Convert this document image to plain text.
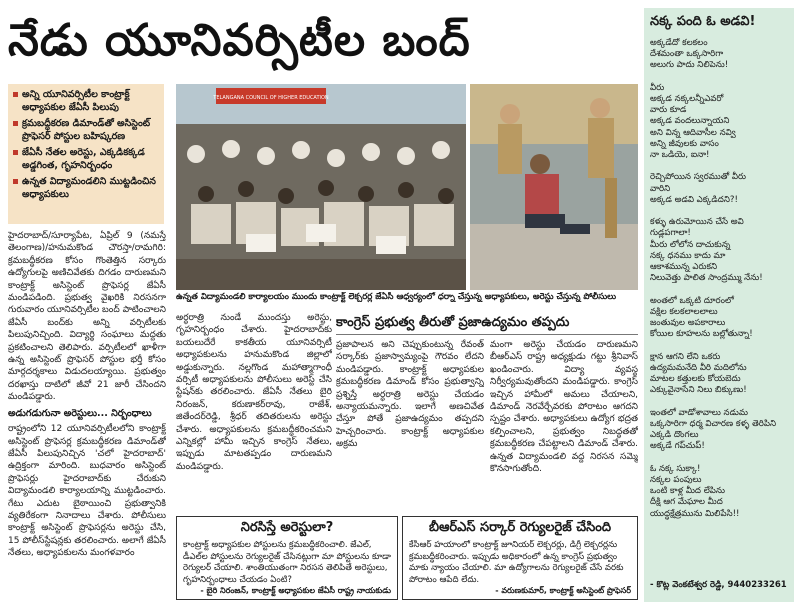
నేడు యూనివర్సిటీల బంద్
అన్ని యూనివర్సిటీల కాంట్రాక్ట్ అధ్యాపకుల జేఏసీ పిలుపు
క్రమబద్ధీకరణ డిమాండ్‌తో అసిస్టెంట్ ప్రొఫెసర్ పోస్టుల బహిష్కరణ
జేఏసీ నేతల అరెస్టు, ఎక్కడికక్కడ అడ్డగింత, గృహనిర్బంధం
ఉన్నత విద్యామండలిని ముట్టడించిన అధ్యాపకులు

హైదరాబాద్/సూర్యాపేట, ఏప్రిల్ 9 (నమస్తే తెలంగాణ)/హనుమకొండ చౌరస్తా/రామగిరి: క్రమబద్ధీకరణ కోసం గొంతెత్తిన సర్కారు ఉద్యోగులపై అణిచివేతకు దిగడం దారుణమని కాంట్రాక్ట్ అసిస్టెంట్ ప్రొఫెసర్ల జేఏసీ మండిపడింది. ప్రభుత్వ వైఖరికి నిరసనగా గురువారం యూనివర్సిటీల బంద్ పాటించాలని జేఏసీ బంద్‌కు అన్ని వర్సిటీలకు పిలుపునిచ్చింది. విద్యార్థి సంఘాలు మద్దతు ప్రకటించాలని తెలిపారు. వర్సిటీలలో ఖాళీగా ఉన్న అసిస్టెంట్ ప్రొఫెసర్ పోస్టుల భర్తీ కోసం మార్గదర్శకాలు విడుదలయ్యాయి. ప్రభుత్వం దరఖాస్తు దాటిలో జీవో 21 జారీ చేసిందని మండిపడ్డారు.

అడుగడుగునా అరెస్టులు... నిర్బంధాలు

రాష్ట్రంలోని 12 యూనివర్సిటీలలోని కాంట్రాక్ట్ అసిస్టెంట్ ప్రొఫెసర్ల క్రమబద్ధీకరణ డిమాండ్‌తో జేఏసీ పిలుపునిచ్చిన 'చలో హైదరాబాద్' ఉద్రిక్తంగా మారింది. బుధవారం అసిస్టెంట్ ప్రొఫెసర్లు హైదరాబాద్‌కు చేరుకుని విద్యామండలి కార్యాలయాన్ని ముట్టడించారు. గేటు ఎదుట బైఠాయించి ప్రభుత్వానికి వ్యతిరేకంగా నినాదాలు చేశారు. పోలీసులు కాంట్రాక్ట్ అసిస్టెంట్ ప్రొఫెసర్లను అరెస్టు చేసి, 15 పోలీస్‌స్టేషన్లకు తరలించారు. అలాగే జేఏసీ నేతలు, అధ్యాపకులను మంగళవారం

TELANGANA COUNCIL OF HIGHER EDUCATION
ఉన్నత విద్యామండలి కార్యాలయం ముందు కాంట్రాక్ట్ లెక్చరర్ల జేఏసీ ఆధ్వర్యంలో ధర్నా చేస్తున్న అధ్యాపకులు, అరెస్టు చేస్తున్న పోలీసులు
అర్ధరాత్రి నుండే ముందస్తు అరెస్టు, గృహనిర్బంధం చేశారు. హైదరాబాద్‌కు బయలుదేరే కాకతీయ యూనివర్సిటీ అధ్యాపకులను హనుమకొండ జిల్లాలో అడ్డుకున్నారు. నల్లగొండ మహాత్మాగాంధీ వర్సిటీ అధ్యాపకులను పోలీసులు అరెస్ట్ చేసి స్టేషన్‌కు తరలించారు. జేఏసీ నేతలు బైరి నిరంజన్, కరుణాకర్‌రావు, రాజేశ్, జితేందర్‌రెడ్డి, శ్రీధర్ తదితరులను అరెస్టు చేశారు. అధ్యాపకులను క్రమబద్ధీకరించమని ఎన్నికల్లో హామీ ఇచ్చిన కాంగ్రెస్ నేతలు, ఇప్పుడు మాటతప్పడం దారుణమని మండిపడ్డారు.
కాంగ్రెస్ ప్రభుత్వ తీరుతో ప్రజాఉద్యమం తప్పదు
ప్రజాపాలన అని చెప్పుకుంటున్న రేవంత్ సర్కార్‌కు ప్రజాస్వామ్యంపై గౌరవం లేదని మండిపడ్డారు. కాంట్రాక్ట్ అధ్యాపకుల క్రమబద్ధీకరణ డిమాండ్ కోసం ప్రభుత్వాన్ని ప్రశ్నిస్తే అర్ధరాత్రి అరెస్టు చేయడం అన్యాయమన్నారు. ఇలాగే అణచివేత చేస్తూ పోతే ప్రజాఉద్యమం తప్పదని హెచ్చరించారు. కాంట్రాక్ట్ అధ్యాపకుల అక్రమ
మంగా అరెస్టు చేయడం దారుణమని బీఆర్‌ఎస్ రాష్ట్ర అధ్యక్షుడు గట్టు శ్రీనివాస్ ఖండించారు. విద్యా వ్యవస్థ నిర్వీర్యమవుతోందని మండిపడ్డారు. కాంగ్రెస్ ఇచ్చిన హామీలో అమలు చేయాలని, డిమాండ్ నెరవేర్చేవరకు పోరాటం ఆగదని స్పష్టం చేశారు. అధ్యాపకులు ఉద్యోగ భద్రత కల్పించాలని, ప్రభుత్వం నిబద్ధతతో క్రమబద్ధీకరణ చేపట్టాలని డిమాండ్ చేశారు. ఉన్నత విద్యామండలి వద్ద నిరసన సమ్మె కొనసాగుతోంది.
నిరసిస్తే అరెస్టులా?
కాంట్రాక్ట్ అధ్యాపకుల పోస్టులను క్రమబద్ధీకరించాలి. జేఎల్, డీఎల్‌ల పోస్టులను రెగ్యులరైజ్ చేసినట్లుగా మా పోస్టులను కూడా రెగ్యులర్ చేయాలి. శాంతియుతంగా నిరసన తెలిపితే అరెస్టులు, గృహనిర్బంధాలు చేయడం ఏంటి?
- బైరి నిరంజన్, కాంట్రాక్ట్ అధ్యాపకుల జేఏసీ రాష్ట్ర నాయకుడు
బీఆర్‌ఎస్ సర్కార్ రెగ్యులరైజ్ చేసింది
కేసీఆర్ హయాంలో కాంట్రాక్ట్ జూనియర్ లెక్చరర్లు, డిగ్రీ లెక్చరర్లను క్రమబద్ధీకరించారు. ఇప్పుడు అధికారంలో ఉన్న కాంగ్రెస్ ప్రభుత్వం మాకు న్యాయం చేయాలి. మా ఉద్యోగాలను రెగ్యులరైజ్ చేసే వరకు పోరాటం ఆపేది లేదు.
- వరుణకుమార్, కాంట్రాక్ట్ అసిస్టెంట్ ప్రొఫెసర్
నక్క పంది ఓ అడవి!
అక్కడేదో కలకలం
దేశమంతా ఒక్కసారిగా
అలుగు పాదు నిలిపెను!

వీరు
అక్కడ నక్కలన్నీఎవరో
వారు కూడ
అక్కడ వందలున్నాయని
అని విన్న ఆదివాసీల నవ్వి
అన్ని జీవులకు వాసం
నా ఒడియె, ఐనా!

రెచ్చిపోయిన స్వరముతో వీరు
వారిని
అక్కడ అడవి ఎక్కడిదని?!

కళ్ళు ఉరుమోయిన చేసే అవి
గుడ్లపగాలా!
మీరు లోలోన దాచుకున్న
నక్క ధనము కాదు మా
ఆకాశమున్న ఎరుకని
నిలువెత్తు పాలిత సాంద్రమ్ము నేను!

అంతలో ఒక్కటి దూరంలో
వక్షిల కలకలాలలాలు
జంతువుల అపకారాలు
కోయిల కూహలను బల్లోతున్నా!

క్షాన ఆగని లేని ఒకరు
ఉద్యమమనేది వీరి మదిలోను
మాటల కత్తులకు కోయబెదు
ఎక్కువైనాసేని నిలు బిక్కుణు!

ఇంతలో వాడోశావాలు నడుమ
ఒక్కసారిగా ధర్మ విచారణ కళ్ళ తెరిపిని
ఎక్కడి దొంగలు
అక్కడే గప్‌చుప్!

ఓ నక్క సుక్కా!
నక్కల పంపులు
ఒంటి కాళ్ల మీద లేపిను
దీక్షి ఆగ మేఘాల మీద
యుద్ధక్షేత్రమును మిలిపేసి!!
- కొట్ల వెంకటేశ్వర రెడ్డి, 9440233261
